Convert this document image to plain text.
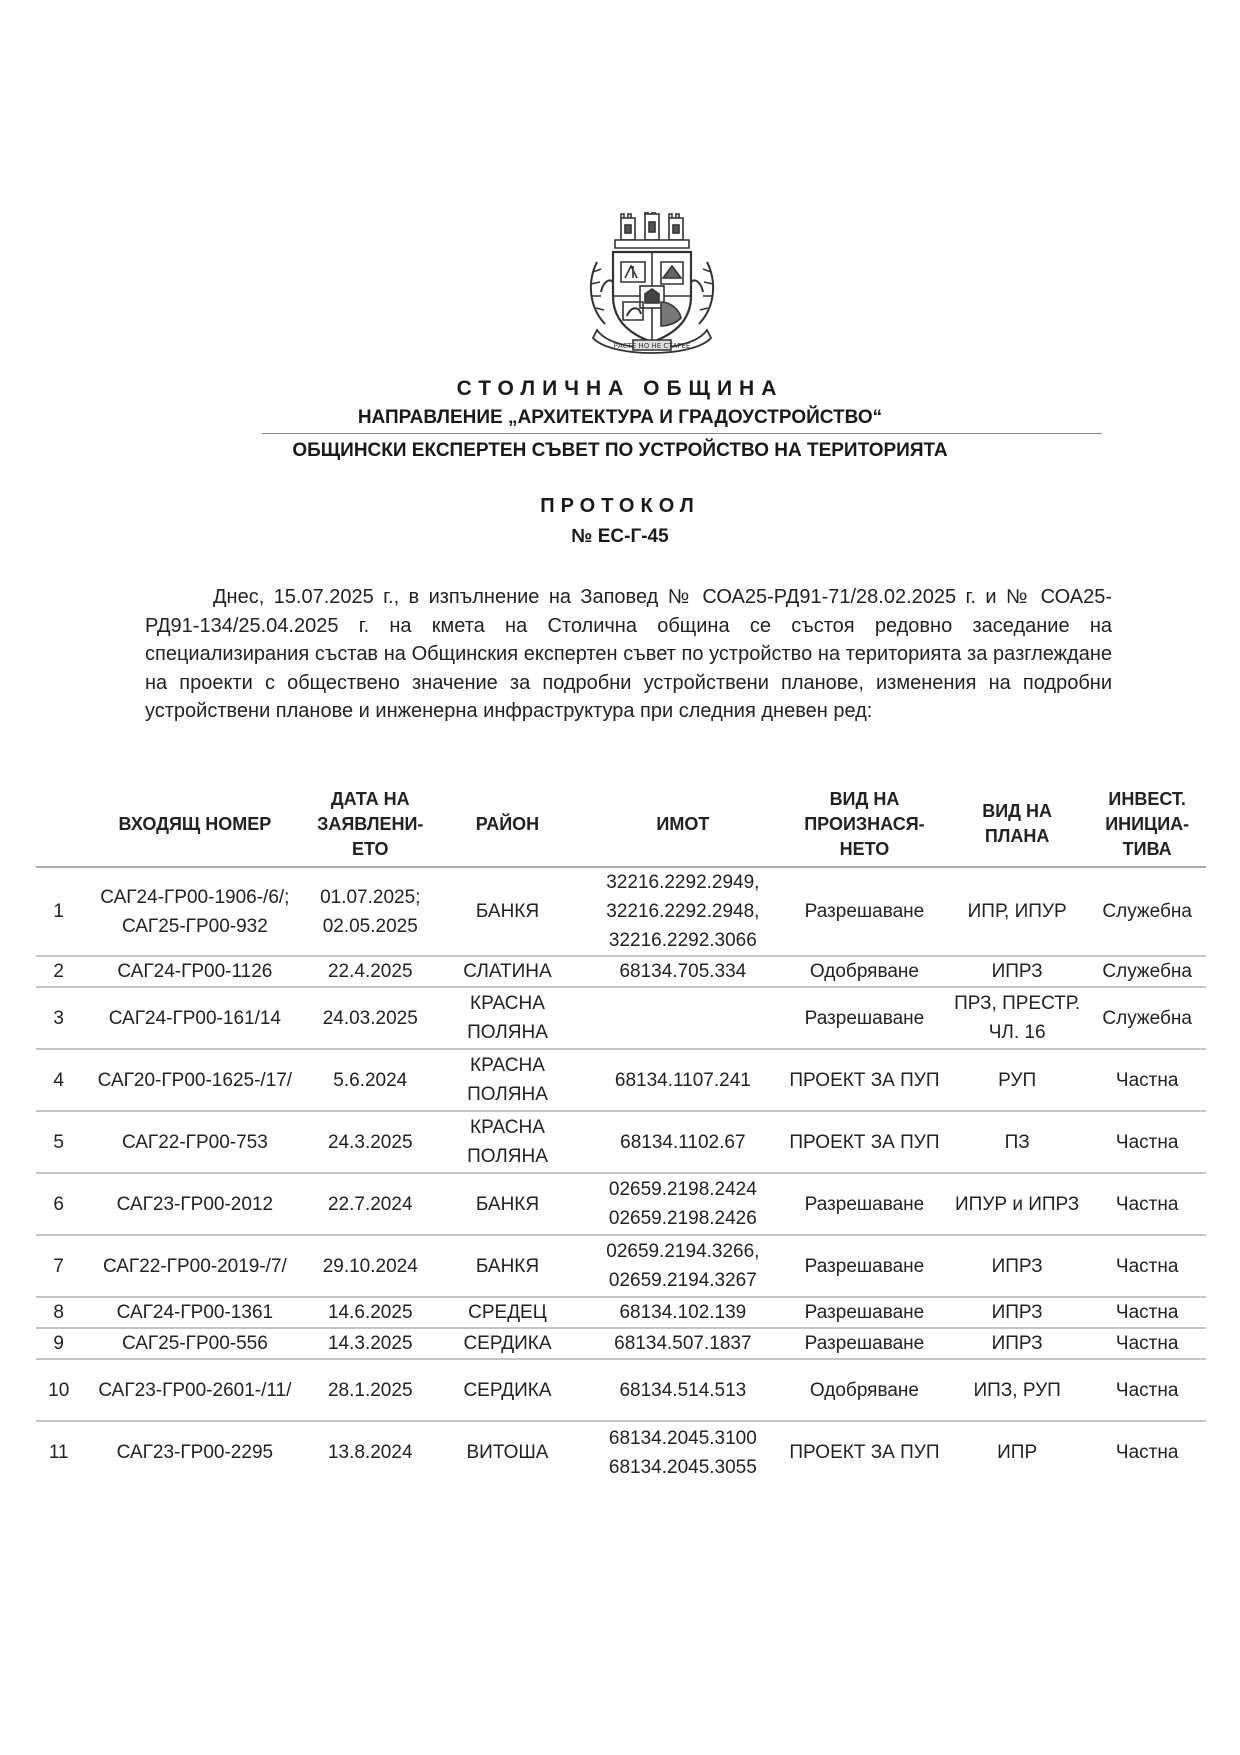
РАСТЕ НО НЕ СТАРЕЕ
СТОЛИЧНА ОБЩИНА
НАПРАВЛЕНИЕ „АРХИТЕКТУРА И ГРАДОУСТРОЙСТВО“
ОБЩИНСКИ ЕКСПЕРТЕН СЪВЕТ ПО УСТРОЙСТВО НА ТЕРИТОРИЯТА
ПРОТОКОЛ
№ ЕС-Г-45
Днес, 15.07.2025 г., в изпълнение на Заповед № СОА25-РД91-71/28.02.2025 г. и № СОА25-РД91-134/25.04.2025 г. на кмета на Столична община се състоя редовно заседание на специализирания състав на Общинския експертен съвет по устройство на територията за разглеждане на проекти с обществено значение за подробни устройствени планове, изменения на подробни устройствени планове и инженерна инфраструктура при следния дневен ред:
	ВХОДЯЩ НОМЕР	ДАТА НА ЗАЯВЛЕНИ-ЕТО	РАЙОН	ИМОТ	ВИД НА ПРОИЗНАСЯ-НЕТО	ВИД НА ПЛАНА	ИНВЕСТ. ИНИЦИА-ТИВА
1	САГ24-ГР00-1906-/6/; САГ25-ГР00-932	01.07.2025; 02.05.2025	БАНКЯ	32216.2292.2949, 32216.2292.2948, 32216.2292.3066	Разрешаване	ИПР, ИПУР	Служебна
2	САГ24-ГР00-1126	22.4.2025	СЛАТИНА	68134.705.334	Одобряване	ИПРЗ	Служебна
3	САГ24-ГР00-161/14	24.03.2025	КРАСНА ПОЛЯНА		Разрешаване	ПРЗ, ПРЕСТР. ЧЛ. 16	Служебна
4	САГ20-ГР00-1625-/17/	5.6.2024	КРАСНА ПОЛЯНА	68134.1107.241	ПРОЕКТ ЗА ПУП	РУП	Частна
5	САГ22-ГР00-753	24.3.2025	КРАСНА ПОЛЯНА	68134.1102.67	ПРОЕКТ ЗА ПУП	ПЗ	Частна
6	САГ23-ГР00-2012	22.7.2024	БАНКЯ	02659.2198.2424 02659.2198.2426	Разрешаване	ИПУР и ИПРЗ	Частна
7	САГ22-ГР00-2019-/7/	29.10.2024	БАНКЯ	02659.2194.3266, 02659.2194.3267	Разрешаване	ИПРЗ	Частна
8	САГ24-ГР00-1361	14.6.2025	СРЕДЕЦ	68134.102.139	Разрешаване	ИПРЗ	Частна
9	САГ25-ГР00-556	14.3.2025	СЕРДИКА	68134.507.1837	Разрешаване	ИПРЗ	Частна
10	САГ23-ГР00-2601-/11/	28.1.2025	СЕРДИКА	68134.514.513	Одобряване	ИПЗ, РУП	Частна
11	САГ23-ГР00-2295	13.8.2024	ВИТОША	68134.2045.3100 68134.2045.3055	ПРОЕКТ ЗА ПУП	ИПР	Частна
